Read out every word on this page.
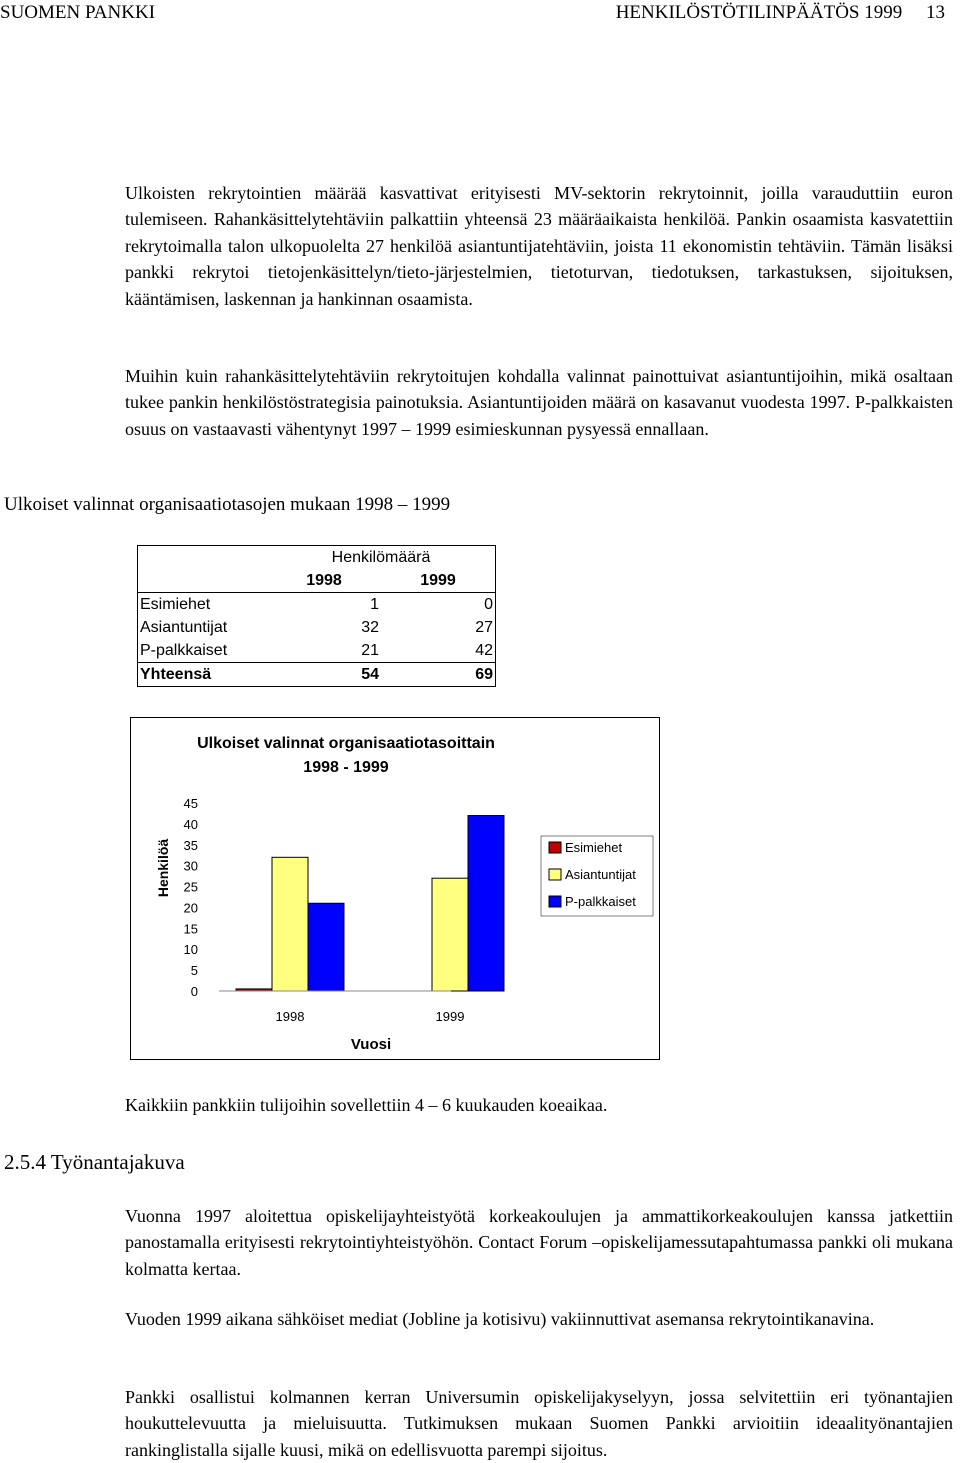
SUOMEN PANKKI	HENKILÖSTÖTILINPÄÄTÖS 1999     13

Ulkoisten rekrytointien määrää kasvattivat erityisesti MV-sektorin rekrytoinnit, joilla varauduttiin euron tulemiseen. Rahankäsittelytehtäviin palkattiin yhteensä 23 määräaikaista henkilöä. Pankin osaamista kasvatettiin rekrytoimalla talon ulkopuolelta 27 henkilöä asiantuntijatehtäviin, joista 11 ekonomistin tehtäviin. Tämän lisäksi pankki rekrytoi tietojenkäsittelyn/tieto-järjestelmien, tietoturvan, tiedotuksen, tarkastuksen, sijoituksen, kääntämisen, laskennan ja hankinnan osaamista.

Muihin kuin rahankäsittelytehtäviin rekrytoitujen kohdalla valinnat painottuivat asiantuntijoihin, mikä osaltaan tukee pankin henkilöstöstrategisia painotuksia. Asiantuntijoiden määrä on kasavanut vuodesta 1997. P-palkkaisten osuus on vastaavasti vähentynyt 1997 – 1999 esimieskunnan pysyessä ennallaan.

Ulkoiset valinnat organisaatiotasojen mukaan 1998 – 1999
	Henkilömäärä	
	1998	1999
Esimiehet	1	0
Asiantuntijat	32	27
P-palkkaiset	21	42
Yhteensä	54	69
Ulkoiset valinnat organisaatiotasoittain
1998 - 1999
0
5
10
15
20
25
30
35
40
45
1998	1999
Henkilöä
Vuosi
Esimiehet
Asiantuntijat
P-palkkaiset
Kaikkiin pankkiin tulijoihin sovellettiin 4 – 6 kuukauden koeaikaa.
2.5.4 Työnantajakuva

Vuonna 1997 aloitettua opiskelijayhteistyötä korkeakoulujen ja ammattikorkeakoulujen kanssa jatkettiin panostamalla erityisesti rekrytointiyhteistyöhön. Contact Forum –opiskelijamessutapahtumassa pankki oli mukana kolmatta kertaa.

Vuoden 1999 aikana sähköiset mediat (Jobline ja kotisivu) vakiinnuttivat asemansa rekrytointikanavina.

Pankki osallistui kolmannen kerran Universumin opiskelijakyselyyn, jossa selvitettiin eri työnantajien houkuttelevuutta ja mieluisuutta. Tutkimuksen mukaan Suomen Pankki arvioitiin ideaalityönantajien rankinglistalla sijalle kuusi, mikä on edellisvuotta parempi sijoitus.
